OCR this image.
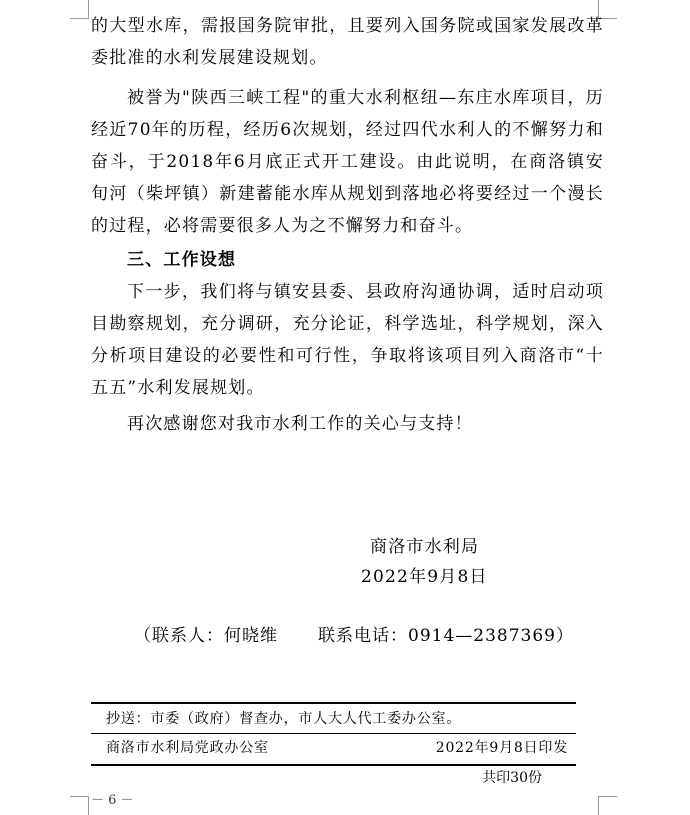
的大型水库，需报国务院审批，且要列入国务院或国家发展改革委批准的水利发展建设规划。

被誉为"陕西三峡工程"的重大水利枢纽—东庄水库项目，历经近70年的历程，经历6次规划，经过四代水利人的不懈努力和奋斗，于2018年6月底正式开工建设。由此说明，在商洛镇安旬河（柴坪镇）新建蓄能水库从规划到落地必将要经过一个漫长的过程，必将需要很多人为之不懈努力和奋斗。

三、工作设想

下一步，我们将与镇安县委、县政府沟通协调，适时启动项目勘察规划，充分调研，充分论证，科学选址，科学规划，深入分析项目建设的必要性和可行性，争取将该项目列入商洛市“十五五”水利发展规划。

再次感谢您对我市水利工作的关心与支持！

商洛市水利局
2022年9月8日
（联系人：何晓维 联系电话：0914—2387369）
抄送：市委（政府）督查办，市人大人代工委办公室。
商洛市水利局党政办公室	2022年9月8日印发
共印30份
－ 6 －
